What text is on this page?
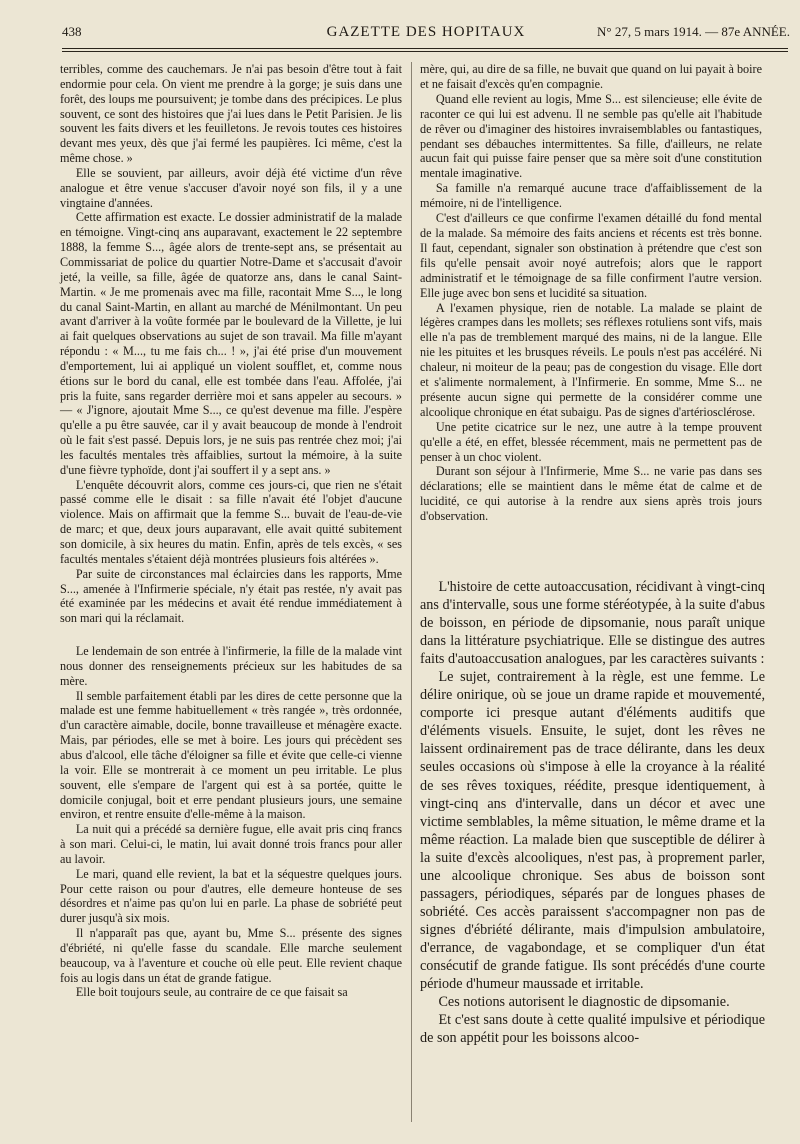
438	GAZETTE DES HOPITAUX	N° 27, 5 mars 1914. — 87e ANNÉE.

terribles, comme des cauchemars. Je n'ai pas besoin d'être tout à fait endormie pour cela. On vient me prendre à la gorge; je suis dans une forêt, des loups me poursuivent; je tombe dans des précipices. Le plus souvent, ce sont des histoires que j'ai lues dans le Petit Parisien. Je lis souvent les faits divers et les feuilletons. Je revois toutes ces histoires devant mes yeux, dès que j'ai fermé les paupières. Ici même, c'est la même chose. »

Elle se souvient, par ailleurs, avoir déjà été victime d'un rêve analogue et être venue s'accuser d'avoir noyé son fils, il y a une vingtaine d'années.

Cette affirmation est exacte. Le dossier administratif de la malade en témoigne. Vingt-cinq ans auparavant, exactement le 22 septembre 1888, la femme S..., âgée alors de trente-sept ans, se présentait au Commissariat de police du quartier Notre-Dame et s'accusait d'avoir jeté, la veille, sa fille, âgée de quatorze ans, dans le canal Saint-Martin. « Je me promenais avec ma fille, racontait Mme S..., le long du canal Saint-Martin, en allant au marché de Ménilmontant. Un peu avant d'arriver à la voûte formée par le boulevard de la Villette, je lui ai fait quelques observations au sujet de son travail. Ma fille m'ayant répondu : « M..., tu me fais ch... ! », j'ai été prise d'un mouvement d'emportement, lui ai appliqué un violent soufflet, et, comme nous étions sur le bord du canal, elle est tombée dans l'eau. Affolée, j'ai pris la fuite, sans regarder derrière moi et sans appeler au secours. » — « J'ignore, ajoutait Mme S..., ce qu'est devenue ma fille. J'espère qu'elle a pu être sauvée, car il y avait beaucoup de monde à l'endroit où le fait s'est passé. Depuis lors, je ne suis pas rentrée chez moi; j'ai les facultés mentales très affaiblies, surtout la mémoire, à la suite d'une fièvre typhoïde, dont j'ai souffert il y a sept ans. »

L'enquête découvrit alors, comme ces jours-ci, que rien ne s'était passé comme elle le disait : sa fille n'avait été l'objet d'aucune violence. Mais on affirmait que la femme S... buvait de l'eau-de-vie de marc; et que, deux jours auparavant, elle avait quitté subitement son domicile, à six heures du matin. Enfin, après de tels excès, « ses facultés mentales s'étaient déjà montrées plusieurs fois altérées ».

Par suite de circonstances mal éclaircies dans les rapports, Mme S..., amenée à l'Infirmerie spéciale, n'y était pas restée, n'y avait pas été examinée par les médecins et avait été rendue immédiatement à son mari qui la réclamait.

Le lendemain de son entrée à l'infirmerie, la fille de la malade vint nous donner des renseignements précieux sur les habitudes de sa mère.

Il semble parfaitement établi par les dires de cette personne que la malade est une femme habituellement « très rangée », très ordonnée, d'un caractère aimable, docile, bonne travailleuse et ménagère exacte. Mais, par périodes, elle se met à boire. Les jours qui précèdent ses abus d'alcool, elle tâche d'éloigner sa fille et évite que celle-ci vienne la voir. Elle se montrerait à ce moment un peu irritable. Le plus souvent, elle s'empare de l'argent qui est à sa portée, quitte le domicile conjugal, boit et erre pendant plusieurs jours, une semaine environ, et rentre ensuite d'elle-même à la maison.

La nuit qui a précédé sa dernière fugue, elle avait pris cinq francs à son mari. Celui-ci, le matin, lui avait donné trois francs pour aller au lavoir.

Le mari, quand elle revient, la bat et la séquestre quelques jours. Pour cette raison ou pour d'autres, elle demeure honteuse de ses désordres et n'aime pas qu'on lui en parle. La phase de sobriété peut durer jusqu'à six mois.

Il n'apparaît pas que, ayant bu, Mme S... présente des signes d'ébriété, ni qu'elle fasse du scandale. Elle marche seulement beaucoup, va à l'aventure et couche où elle peut. Elle revient chaque fois au logis dans un état de grande fatigue.

Elle boit toujours seule, au contraire de ce que faisait sa

mère, qui, au dire de sa fille, ne buvait que quand on lui payait à boire et ne faisait d'excès qu'en compagnie.

Quand elle revient au logis, Mme S... est silencieuse; elle évite de raconter ce qui lui est advenu. Il ne semble pas qu'elle ait l'habitude de rêver ou d'imaginer des histoires invraisemblables ou fantastiques, pendant ses débauches intermittentes. Sa fille, d'ailleurs, ne relate aucun fait qui puisse faire penser que sa mère soit d'une constitution mentale imaginative.

Sa famille n'a remarqué aucune trace d'affaiblissement de la mémoire, ni de l'intelligence.

C'est d'ailleurs ce que confirme l'examen détaillé du fond mental de la malade. Sa mémoire des faits anciens et récents est très bonne. Il faut, cependant, signaler son obstination à prétendre que c'est son fils qu'elle pensait avoir noyé autrefois; alors que le rapport administratif et le témoignage de sa fille confirment l'autre version. Elle juge avec bon sens et lucidité sa situation.

A l'examen physique, rien de notable. La malade se plaint de légères crampes dans les mollets; ses réflexes rotuliens sont vifs, mais elle n'a pas de tremblement marqué des mains, ni de la langue. Elle nie les pituites et les brusques réveils. Le pouls n'est pas accéléré. Ni chaleur, ni moiteur de la peau; pas de congestion du visage. Elle dort et s'alimente normalement, à l'Infirmerie. En somme, Mme S... ne présente aucun signe qui permette de la considérer comme une alcoolique chronique en état subaigu. Pas de signes d'artériosclérose.

Une petite cicatrice sur le nez, une autre à la tempe prouvent qu'elle a été, en effet, blessée récemment, mais ne permettent pas de penser à un choc violent.

Durant son séjour à l'Infirmerie, Mme S... ne varie pas dans ses déclarations; elle se maintient dans le même état de calme et de lucidité, ce qui autorise à la rendre aux siens après trois jours d'observation.

L'histoire de cette autoaccusation, récidivant à vingt-cinq ans d'intervalle, sous une forme stéréotypée, à la suite d'abus de boisson, en période de dipsomanie, nous paraît unique dans la littérature psychiatrique. Elle se distingue des autres faits d'autoaccusation analogues, par les caractères suivants :

Le sujet, contrairement à la règle, est une femme. Le délire onirique, où se joue un drame rapide et mouvementé, comporte ici presque autant d'éléments auditifs que d'éléments visuels. Ensuite, le sujet, dont les rêves ne laissent ordinairement pas de trace délirante, dans les deux seules occasions où s'impose à elle la croyance à la réalité de ses rêves toxiques, réédite, presque identiquement, à vingt-cinq ans d'intervalle, dans un décor et avec une victime semblables, la même situation, le même drame et la même réaction. La malade bien que susceptible de délirer à la suite d'excès alcooliques, n'est pas, à proprement parler, une alcoolique chronique. Ses abus de boisson sont passagers, périodiques, séparés par de longues phases de sobriété. Ces accès paraissent s'accompagner non pas de signes d'ébriété délirante, mais d'impulsion ambulatoire, d'errance, de vagabondage, et se compliquer d'un état consécutif de grande fatigue. Ils sont précédés d'une courte période d'humeur maussade et irritable.

Ces notions autorisent le diagnostic de dipsomanie.

Et c'est sans doute à cette qualité impulsive et périodique de son appétit pour les boissons alcoo-
